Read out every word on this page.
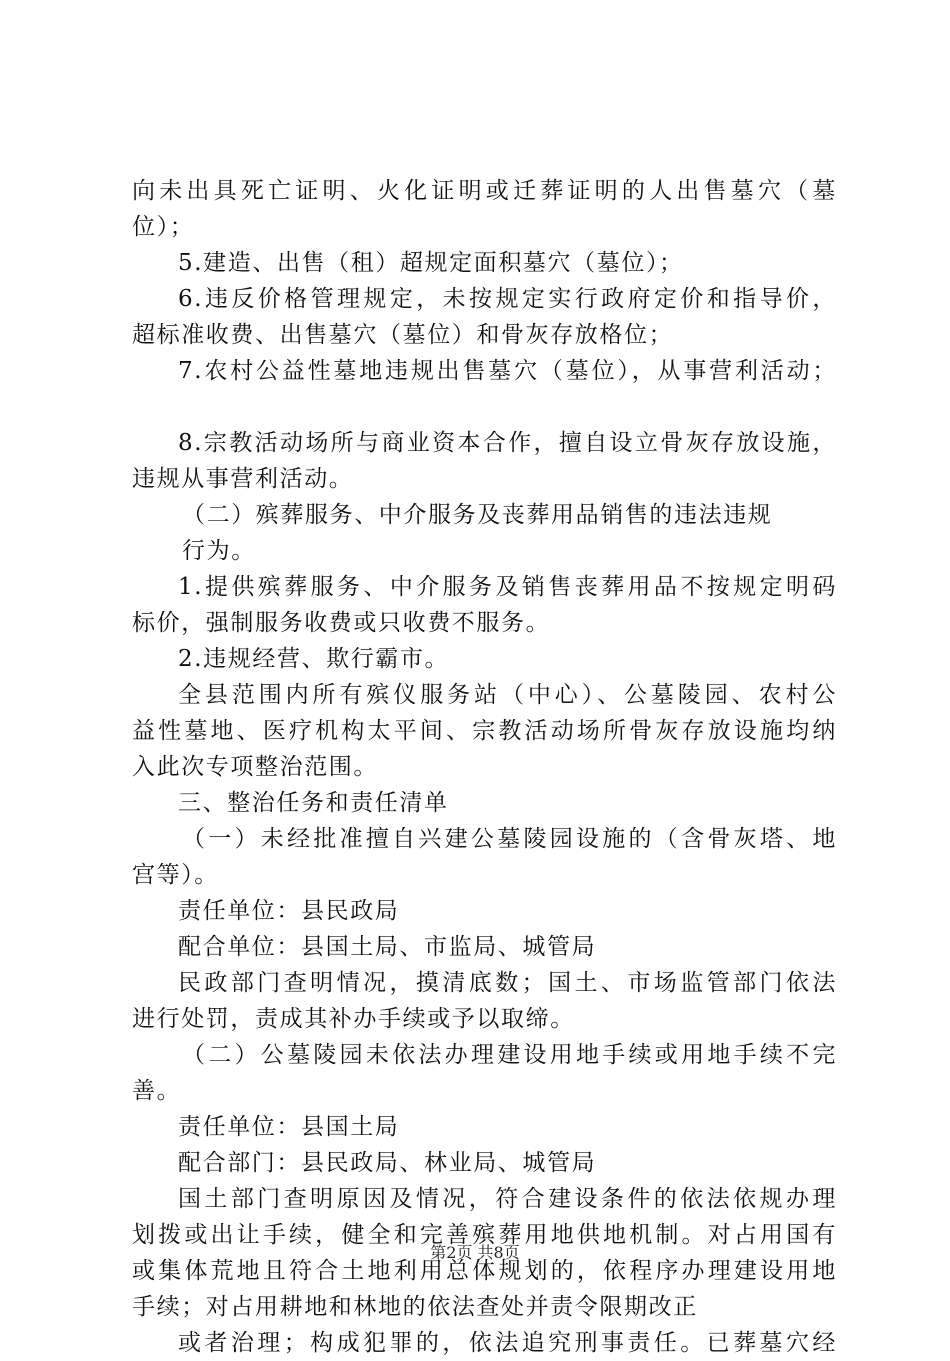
向未出具死亡证明、火化证明或迁葬证明的人出售墓穴（墓
位）；
5.建造、出售（租）超规定面积墓穴（墓位）；
6.违反价格管理规定，未按规定实行政府定价和指导价，
超标准收费、出售墓穴（墓位）和骨灰存放格位；
7.农村公益性墓地违规出售墓穴（墓位），从事营利活动；
8.宗教活动场所与商业资本合作，擅自设立骨灰存放设施，
违规从事营利活动。
（二）殡葬服务、中介服务及丧葬用品销售的违法违规
行为。
1.提供殡葬服务、中介服务及销售丧葬用品不按规定明码
标价，强制服务收费或只收费不服务。
2.违规经营、欺行霸市。
全县范围内所有殡仪服务站（中心）、公墓陵园、农村公
益性墓地、医疗机构太平间、宗教活动场所骨灰存放设施均纳
入此次专项整治范围。
三、整治任务和责任清单
（一）未经批准擅自兴建公墓陵园设施的（含骨灰塔、地
宫等）。
责任单位：县民政局
配合单位：县国土局、市监局、城管局
民政部门查明情况，摸清底数；国土、市场监管部门依法
进行处罚，责成其补办手续或予以取缔。
（二）公墓陵园未依法办理建设用地手续或用地手续不完
善。
责任单位：县国土局
配合部门：县民政局、林业局、城管局
国土部门查明原因及情况，符合建设条件的依法依规办理
划拨或出让手续，健全和完善殡葬用地供地机制。对占用国有
或集体荒地且符合土地利用总体规划的，依程序办理建设用地
手续；对占用耕地和林地的依法查处并责令限期改正
或者治理；构成犯罪的，依法追究刑事责任。已葬墓穴经
第2页 共8页
